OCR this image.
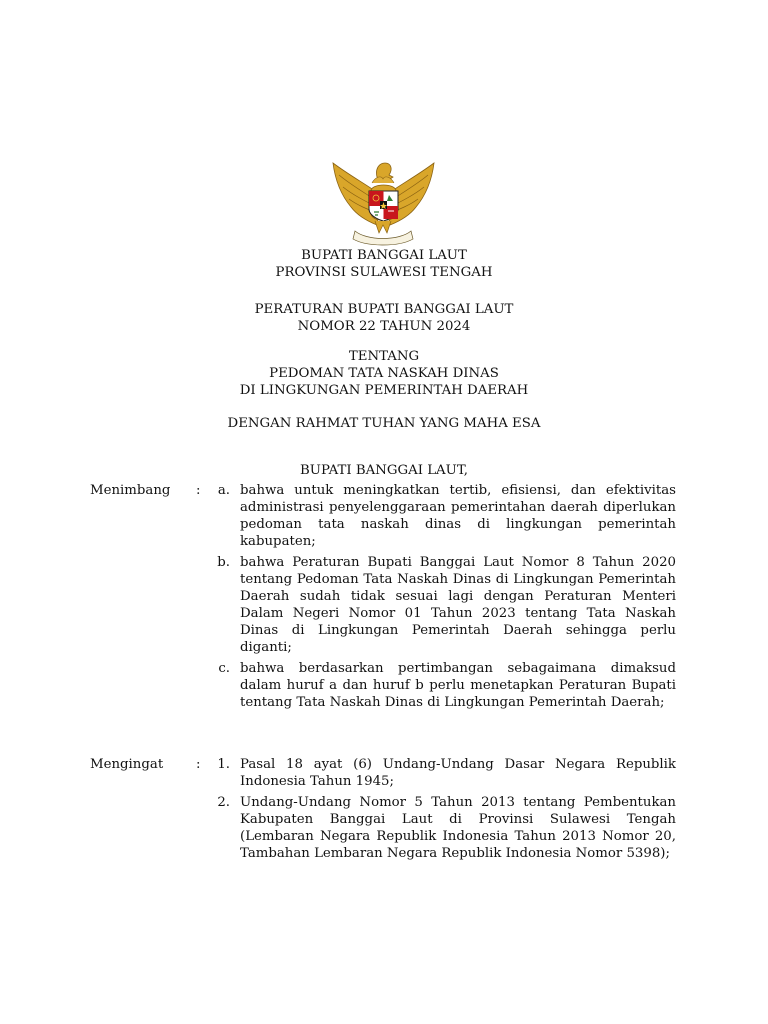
BUPATI BANGGAI LAUT
PROVINSI SULAWESI TENGAH
PERATURAN BUPATI BANGGAI LAUT
NOMOR 22 TAHUN 2024
TENTANG
PEDOMAN TATA NASKAH DINAS
DI LINGKUNGAN PEMERINTAH DAERAH
DENGAN RAHMAT TUHAN YANG MAHA ESA
BUPATI BANGGAI LAUT,
Menimbang :	a. bahwa untuk meningkatkan tertib, efisiensi, dan efektivitas administrasi penyelenggaraan pemerintahan daerah diperlukan pedoman tata naskah dinas di lingkungan pemerintah kabupaten;
b. bahwa Peraturan Bupati Banggai Laut Nomor 8 Tahun 2020 tentang Pedoman Tata Naskah Dinas di Lingkungan Pemerintah Daerah sudah tidak sesuai lagi dengan Peraturan Menteri Dalam Negeri Nomor 01 Tahun 2023 tentang Tata Naskah Dinas di Lingkungan Pemerintah Daerah sehingga perlu diganti;
c. bahwa berdasarkan pertimbangan sebagaimana dimaksud dalam huruf a dan huruf b perlu menetapkan Peraturan Bupati tentang Tata Naskah Dinas di Lingkungan Pemerintah Daerah;
Mengingat :	1. Pasal 18 ayat (6) Undang-Undang Dasar Negara Republik Indonesia Tahun 1945;
2. Undang-Undang Nomor 5 Tahun 2013 tentang Pembentukan Kabupaten Banggai Laut di Provinsi Sulawesi Tengah (Lembaran Negara Republik Indonesia Tahun 2013 Nomor 20, Tambahan Lembaran Negara Republik Indonesia Nomor 5398);
